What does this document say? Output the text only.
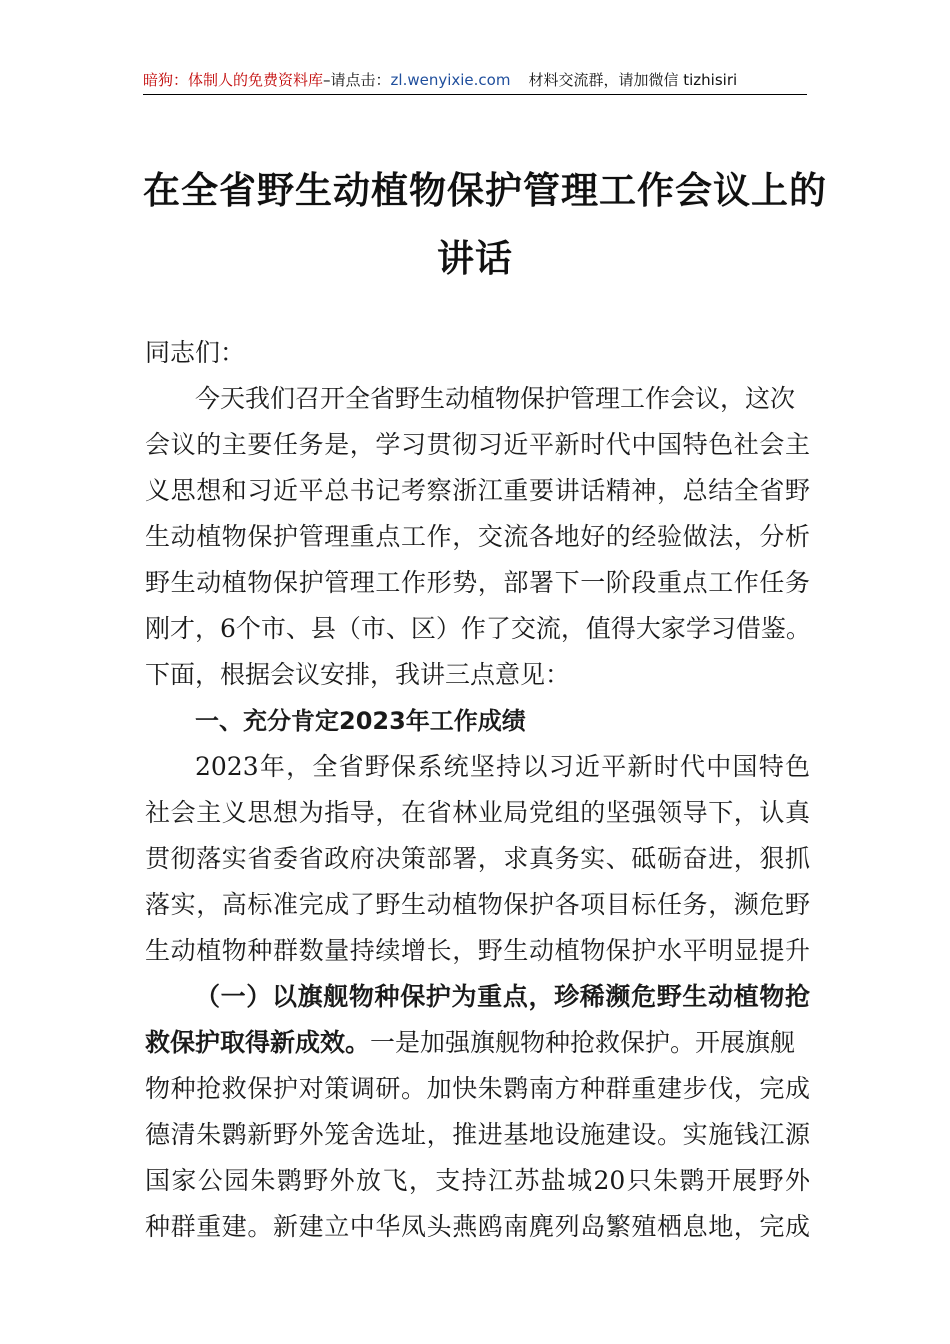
暗狗：体制人的免费资料库–请点击：zl.wenyixie.com 材料交流群，请加微信 tizhisiri
在全省野生动植物保护管理工作会议上的
讲话
同志们：
今天我们召开全省野生动植物保护管理工作会议，这次
会议的主要任务是，学习贯彻习近平新时代中国特色社会主
义思想和习近平总书记考察浙江重要讲话精神，总结全省野
生动植物保护管理重点工作，交流各地好的经验做法，分析
野生动植物保护管理工作形势，部署下一阶段重点工作任务
刚才，6个市、县（市、区）作了交流，值得大家学习借鉴。
下面，根据会议安排，我讲三点意见：
一、充分肯定2023年工作成绩
2023年，全省野保系统坚持以习近平新时代中国特色
社会主义思想为指导，在省林业局党组的坚强领导下，认真
贯彻落实省委省政府决策部署，求真务实、砥砺奋进，狠抓
落实，高标准完成了野生动植物保护各项目标任务，濒危野
生动植物种群数量持续增长，野生动植物保护水平明显提升
（一）以旗舰物种保护为重点，珍稀濒危野生动植物抢
救保护取得新成效。一是加强旗舰物种抢救保护。开展旗舰
物种抢救保护对策调研。加快朱鹮南方种群重建步伐，完成
德清朱鹮新野外笼舍选址，推进基地设施建设。实施钱江源
国家公园朱鹮野外放飞，支持江苏盐城20只朱鹮开展野外
种群重建。新建立中华凤头燕鸥南麂列岛繁殖栖息地，完成
